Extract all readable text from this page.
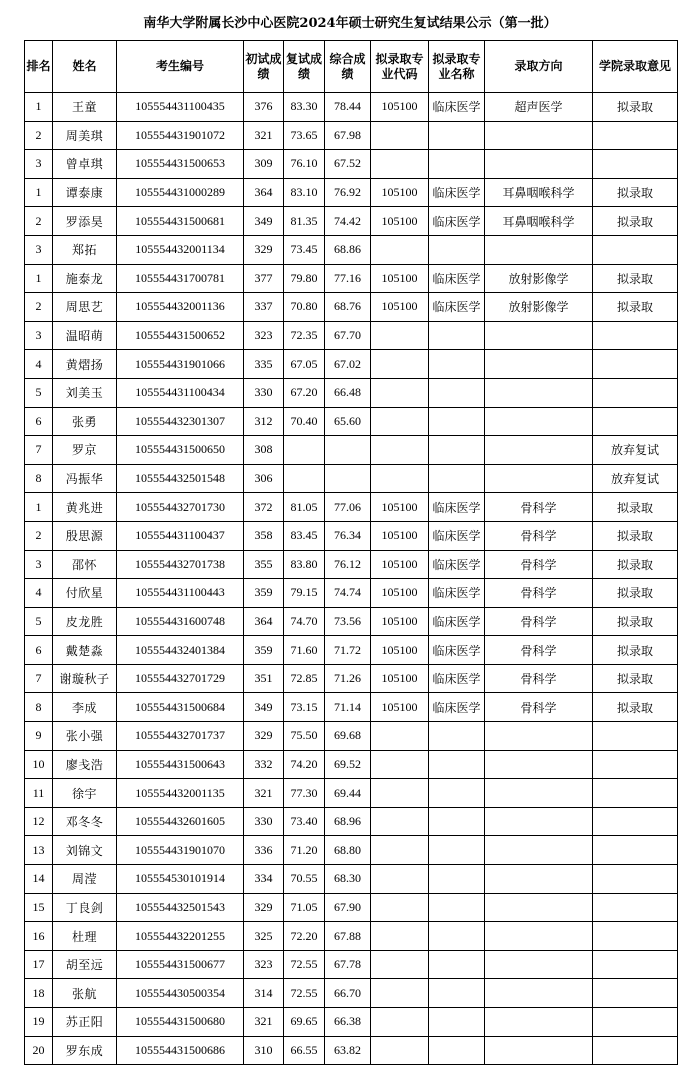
南华大学附属长沙中心医院2024年硕士研究生复试结果公示（第一批）
排名	姓名	考生编号	初试成绩	复试成绩	综合成绩	拟录取专业代码	拟录取专业名称	录取方向	学院录取意见
1	王童	105554431100435	376	83.30	78.44	105100	临床医学	超声医学	拟录取
2	周美琪	105554431901072	321	73.65	67.98				
3	曾卓琪	105554431500653	309	76.10	67.52				
1	谭泰康	105554431000289	364	83.10	76.92	105100	临床医学	耳鼻咽喉科学	拟录取
2	罗添昊	105554431500681	349	81.35	74.42	105100	临床医学	耳鼻咽喉科学	拟录取
3	郑拓	105554432001134	329	73.45	68.86				
1	施泰龙	105554431700781	377	79.80	77.16	105100	临床医学	放射影像学	拟录取
2	周思艺	105554432001136	337	70.80	68.76	105100	临床医学	放射影像学	拟录取
3	温昭萌	105554431500652	323	72.35	67.70				
4	黄熠扬	105554431901066	335	67.05	67.02				
5	刘美玉	105554431100434	330	67.20	66.48				
6	张勇	105554432301307	312	70.40	65.60				
7	罗京	105554431500650	308						放弃复试
8	冯振华	105554432501548	306						放弃复试
1	黄兆进	105554432701730	372	81.05	77.06	105100	临床医学	骨科学	拟录取
2	殷思源	105554431100437	358	83.45	76.34	105100	临床医学	骨科学	拟录取
3	邵怀	105554432701738	355	83.80	76.12	105100	临床医学	骨科学	拟录取
4	付欣星	105554431100443	359	79.15	74.74	105100	临床医学	骨科学	拟录取
5	皮龙胜	105554431600748	364	74.70	73.56	105100	临床医学	骨科学	拟录取
6	戴楚淼	105554432401384	359	71.60	71.72	105100	临床医学	骨科学	拟录取
7	谢璇秋子	105554432701729	351	72.85	71.26	105100	临床医学	骨科学	拟录取
8	李成	105554431500684	349	73.15	71.14	105100	临床医学	骨科学	拟录取
9	张小强	105554432701737	329	75.50	69.68				
10	廖戋浩	105554431500643	332	74.20	69.52				
11	徐宇	105554432001135	321	77.30	69.44				
12	邓冬冬	105554432601605	330	73.40	68.96				
13	刘锦文	105554431901070	336	71.20	68.80				
14	周滢	105554530101914	334	70.55	68.30				
15	丁良剑	105554432501543	329	71.05	67.90				
16	杜理	105554432201255	325	72.20	67.88				
17	胡至远	105554431500677	323	72.55	67.78				
18	张航	105554430500354	314	72.55	66.70				
19	苏正阳	105554431500680	321	69.65	66.38				
20	罗东成	105554431500686	310	66.55	63.82				
